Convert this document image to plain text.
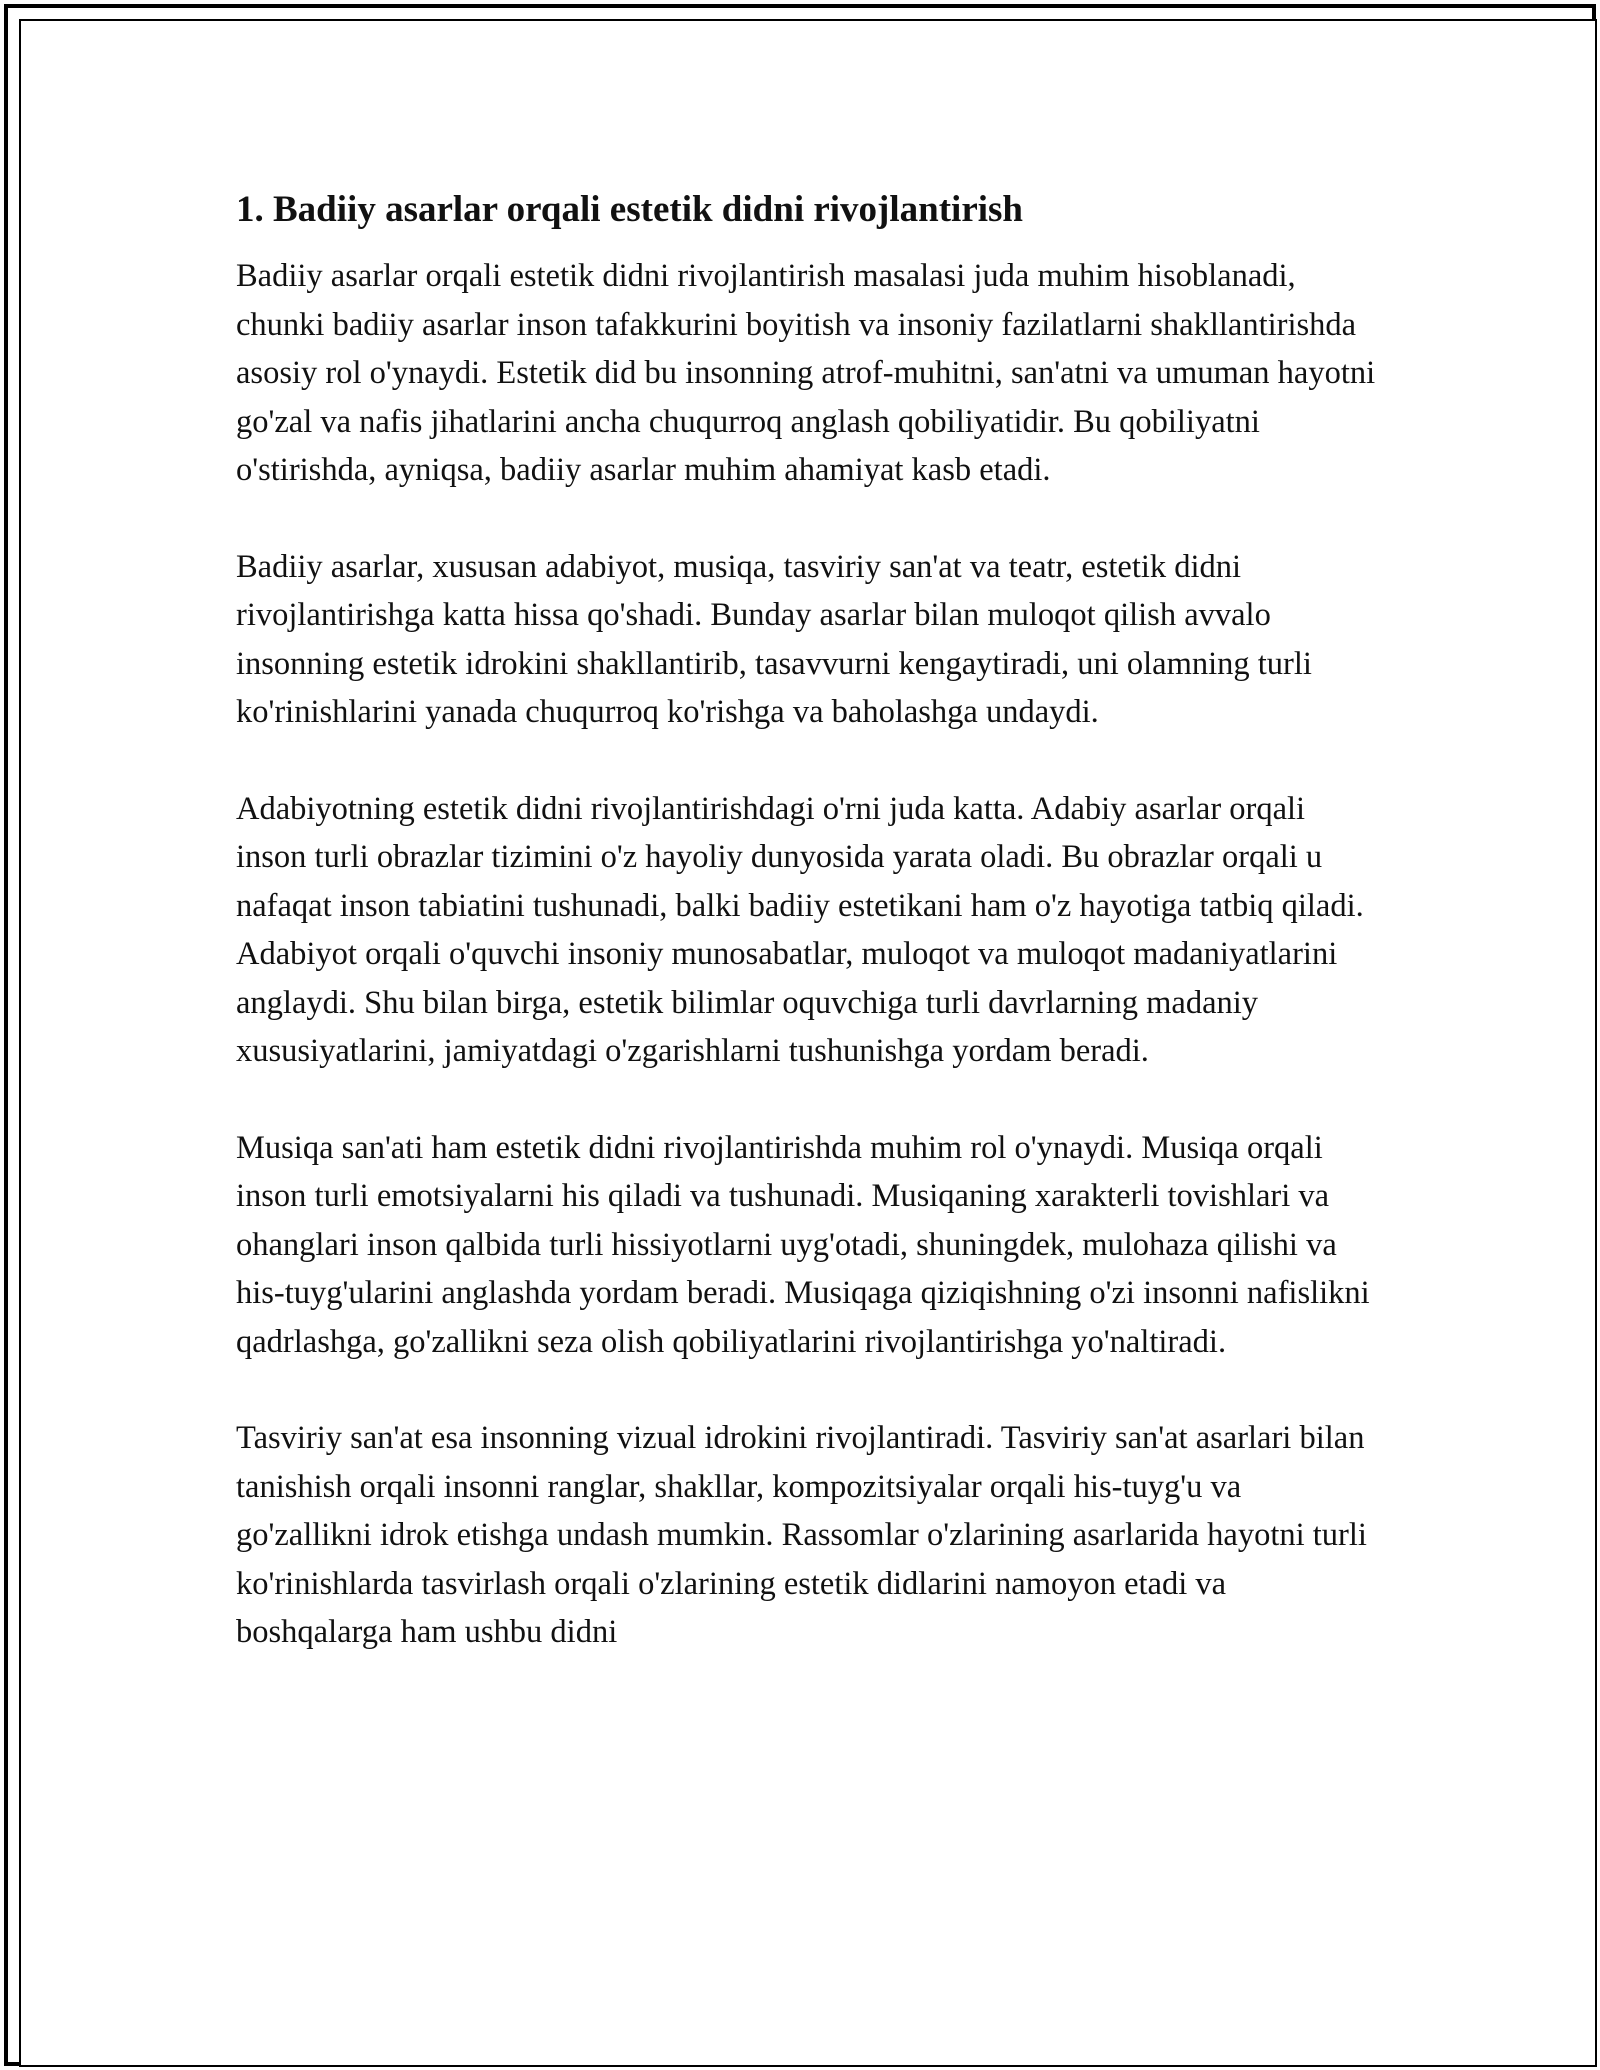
1. Badiiy asarlar orqali estetik didni rivojlantirish

Badiiy asarlar orqali estetik didni rivojlantirish masalasi juda muhim hisoblanadi, chunki badiiy asarlar inson tafakkurini boyitish va insoniy fazilatlarni shakllantirishda asosiy rol o'ynaydi. Estetik did bu insonning atrof-muhitni, san'atni va umuman hayotni go'zal va nafis jihatlarini ancha chuqurroq anglash qobiliyatidir. Bu qobiliyatni o'stirishda, ayniqsa, badiiy asarlar muhim ahamiyat kasb etadi.

Badiiy asarlar, xususan adabiyot, musiqa, tasviriy san'at va teatr, estetik didni rivojlantirishga katta hissa qo'shadi. Bunday asarlar bilan muloqot qilish avvalo insonning estetik idrokini shakllantirib, tasavvurni kengaytiradi, uni olamning turli ko'rinishlarini yanada chuqurroq ko'rishga va baholashga undaydi.

Adabiyotning estetik didni rivojlantirishdagi o'rni juda katta. Adabiy asarlar orqali inson turli obrazlar tizimini o'z hayoliy dunyosida yarata oladi. Bu obrazlar orqali u nafaqat inson tabiatini tushunadi, balki badiiy estetikani ham o'z hayotiga tatbiq qiladi. Adabiyot orqali o'quvchi insoniy munosabatlar, muloqot va muloqot madaniyatlarini anglaydi. Shu bilan birga, estetik bilimlar oquvchiga turli davrlarning madaniy xususiyatlarini, jamiyatdagi o'zgarishlarni tushunishga yordam beradi.

Musiqa san'ati ham estetik didni rivojlantirishda muhim rol o'ynaydi. Musiqa orqali inson turli emotsiyalarni his qiladi va tushunadi. Musiqaning xarakterli tovishlari va ohanglari inson qalbida turli hissiyotlarni uyg'otadi, shuningdek, mulohaza qilishi va his-tuyg'ularini anglashda yordam beradi. Musiqaga qiziqishning o'zi insonni nafislikni qadrlashga, go'zallikni seza olish qobiliyatlarini rivojlantirishga yo'naltiradi.

Tasviriy san'at esa insonning vizual idrokini rivojlantiradi. Tasviriy san'at asarlari bilan tanishish orqali insonni ranglar, shakllar, kompozitsiyalar orqali his-tuyg'u va go'zallikni idrok etishga undash mumkin. Rassomlar o'zlarining asarlarida hayotni turli ko'rinishlarda tasvirlash orqali o'zlarining estetik didlarini namoyon etadi va boshqalarga ham ushbu didni
